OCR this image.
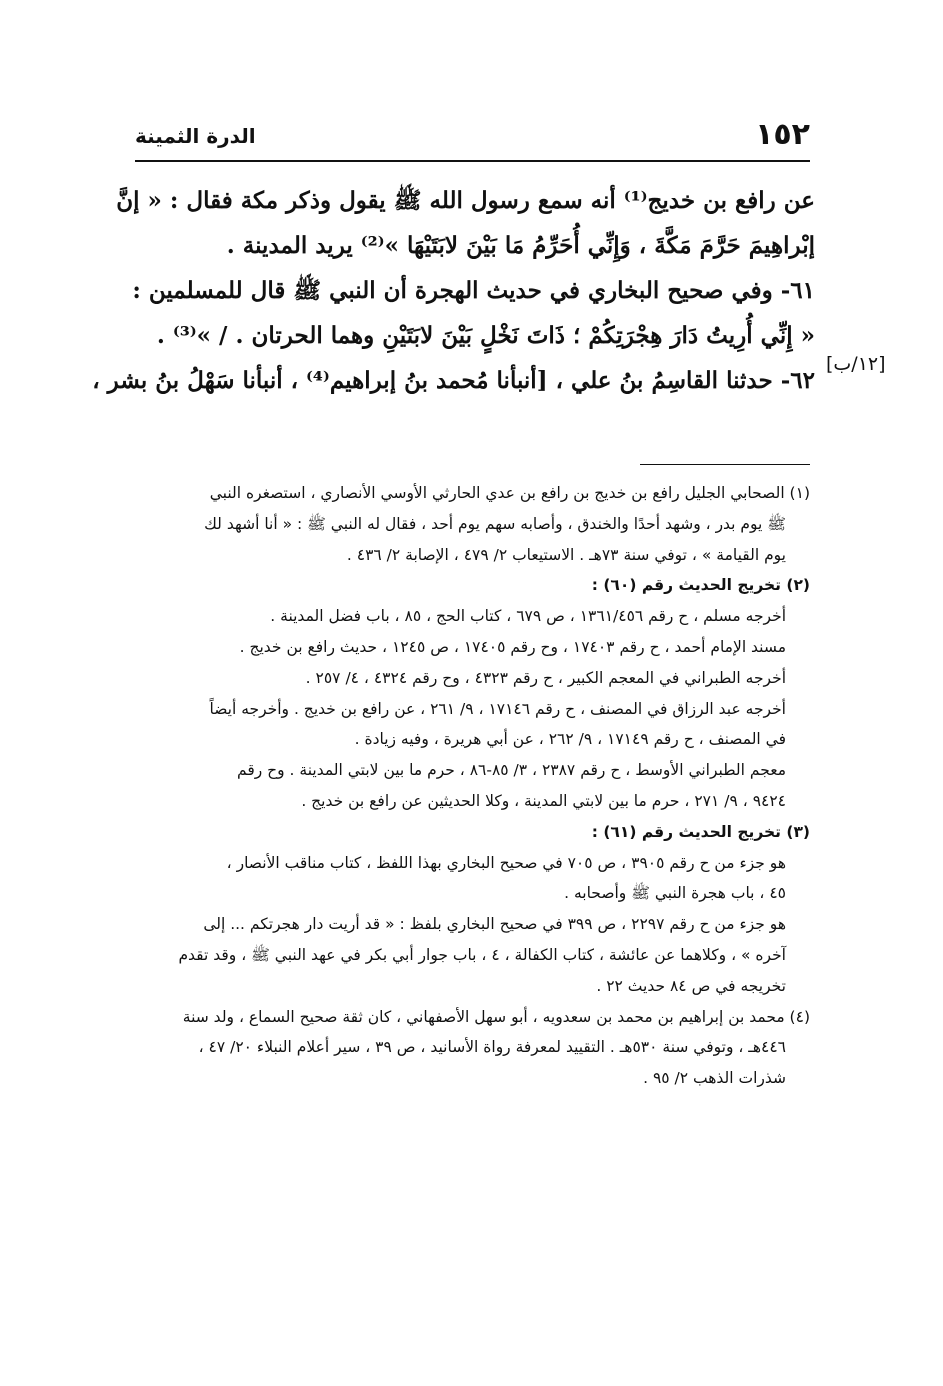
١٥٢
الدرة الثمينة
عن رافع بن خديج⁽¹⁾ أنه سمع رسول الله ﷺ يقول وذكر مكة فقال : « إنَّ
إبْراهِيمَ حَرَّمَ مَكَّةَ ، وَإِنِّي أُحَرِّمُ مَا بَيْنَ لابَتَيْهَا »⁽²⁾ يريد المدينة .
٦١- وفي صحيح البخاري في حديث الهجرة أن النبي ﷺ قال للمسلمين :
« إِنِّي أُرِيتُ دَارَ هِجْرَتِكُمْ ؛ ذَاتَ نَخْلٍ بَيْنَ لابَتَيْنِ وهما الحرتان . / »⁽³⁾ .
٦٢- حدثنا القاسِمُ بنُ علي ، [أنبأنا مُحمد بنُ إبراهيم⁽⁴⁾ ، أنبأنا سَهْلُ بنُ بشر ،
[١٢/ب]
(١) الصحابي الجليل رافع بن خديج بن رافع بن عدي الحارثي الأوسي الأنصاري ، استصغره النبي
ﷺ يوم بدر ، وشهد أحدًا والخندق ، وأصابه سهم يوم أحد ، فقال له النبي ﷺ : « أنا أشهد لك
يوم القيامة » ، توفي سنة ٧٣هـ . الاستيعاب ٢/ ٤٧٩ ، الإصابة ٢/ ٤٣٦ .
(٢) تخريج الحديث رقم (٦٠) :
أخرجه مسلم ، ح رقم ١٣٦١/٤٥٦ ، ص ٦٧٩ ، كتاب الحج ، ٨٥ ، باب فضل المدينة .
مسند الإمام أحمد ، ح رقم ١٧٤٠٣ ، وح رقم ١٧٤٠٥ ، ص ١٢٤٥ ، حديث رافع بن خديج .
أخرجه الطبراني في المعجم الكبير ، ح رقم ٤٣٢٣ ، وح رقم ٤٣٢٤ ، ٤/ ٢٥٧ .
أخرجه عبد الرزاق في المصنف ، ح رقم ١٧١٤٦ ، ٩/ ٢٦١ ، عن رافع بن خديج . وأخرجه أيضاً
في المصنف ، ح رقم ١٧١٤٩ ، ٩/ ٢٦٢ ، عن أبي هريرة ، وفيه زيادة .
معجم الطبراني الأوسط ، ح رقم ٢٣٨٧ ، ٣/ ٨٥-٨٦ ، حرم ما بين لابتي المدينة . وح رقم
٩٤٢٤ ، ٩/ ٢٧١ ، حرم ما بين لابتي المدينة ، وكلا الحديثين عن رافع بن خديج .
(٣) تخريج الحديث رقم (٦١) :
هو جزء من ح رقم ٣٩٠٥ ، ص ٧٠٥ في صحيح البخاري بهذا اللفظ ، كتاب مناقب الأنصار ،
٤٥ ، باب هجرة النبي ﷺ وأصحابه .
هو جزء من ح رقم ٢٢٩٧ ، ص ٣٩٩ في صحيح البخاري بلفظ : « قد أريت دار هجرتكم ... إلى
آخره » ، وكلاهما عن عائشة ، كتاب الكفالة ، ٤ ، باب جوار أبي بكر في عهد النبي ﷺ ، وقد تقدم
تخريجه في ص ٨٤ حديث ٢٢ .
(٤) محمد بن إبراهيم بن محمد بن سعدويه ، أبو سهل الأصفهاني ، كان ثقة صحيح السماع ، ولد سنة
٤٤٦هـ ، وتوفي سنة ٥٣٠هـ . التقييد لمعرفة رواة الأسانيد ، ص ٣٩ ، سير أعلام النبلاء ٢٠/ ٤٧ ،
شذرات الذهب ٢/ ٩٥ .
